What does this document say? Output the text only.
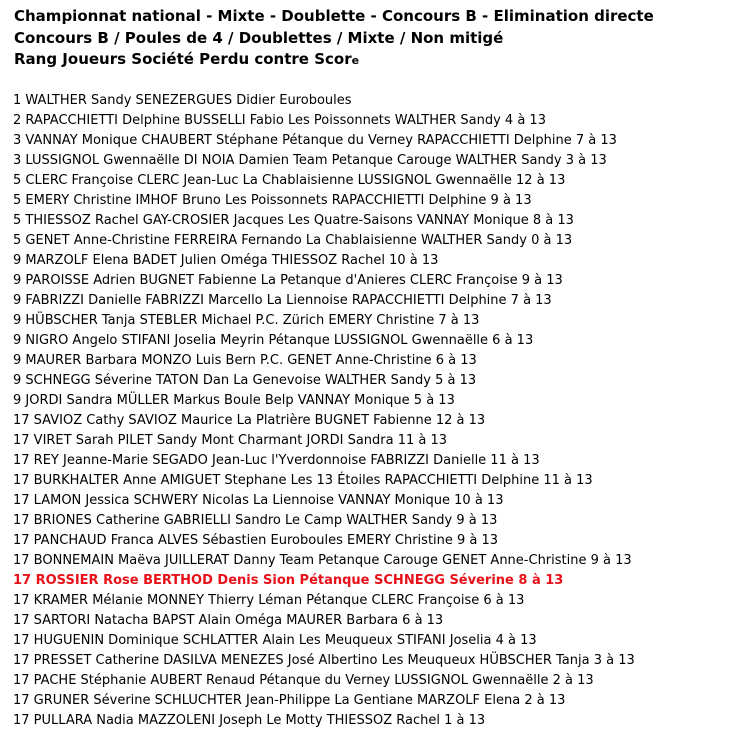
Championnat national - Mixte - Doublette - Concours B - Elimination directe
Concours B / Poules de 4 / Doublettes / Mixte / Non mitigé
Rang Joueurs Société Perdu contre Score
1 WALTHER Sandy SENEZERGUES Didier Euroboules
2 RAPACCHIETTI Delphine BUSSELLI Fabio Les Poissonnets WALTHER Sandy 4 à 13
3 VANNAY Monique CHAUBERT Stéphane Pétanque du Verney RAPACCHIETTI Delphine 7 à 13
3 LUSSIGNOL Gwennaëlle DI NOIA Damien Team Petanque Carouge WALTHER Sandy 3 à 13
5 CLERC Françoise CLERC Jean-Luc La Chablaisienne LUSSIGNOL Gwennaëlle 12 à 13
5 EMERY Christine IMHOF Bruno Les Poissonnets RAPACCHIETTI Delphine 9 à 13
5 THIESSOZ Rachel GAY-CROSIER Jacques Les Quatre-Saisons VANNAY Monique 8 à 13
5 GENET Anne-Christine FERREIRA Fernando La Chablaisienne WALTHER Sandy 0 à 13
9 MARZOLF Elena BADET Julien Oméga THIESSOZ Rachel 10 à 13
9 PAROISSE Adrien BUGNET Fabienne La Petanque d'Anieres CLERC Françoise 9 à 13
9 FABRIZZI Danielle FABRIZZI Marcello La Liennoise RAPACCHIETTI Delphine 7 à 13
9 HÜBSCHER Tanja STEBLER Michael P.C. Zürich EMERY Christine 7 à 13
9 NIGRO Angelo STIFANI Joselia Meyrin Pétanque LUSSIGNOL Gwennaëlle 6 à 13
9 MAURER Barbara MONZO Luis Bern P.C. GENET Anne-Christine 6 à 13
9 SCHNEGG Séverine TATON Dan La Genevoise WALTHER Sandy 5 à 13
9 JORDI Sandra MÜLLER Markus Boule Belp VANNAY Monique 5 à 13
17 SAVIOZ Cathy SAVIOZ Maurice La Platrière BUGNET Fabienne 12 à 13
17 VIRET Sarah PILET Sandy Mont Charmant JORDI Sandra 11 à 13
17 REY Jeanne-Marie SEGADO Jean-Luc l'Yverdonnoise FABRIZZI Danielle 11 à 13
17 BURKHALTER Anne AMIGUET Stephane Les 13 Étoiles RAPACCHIETTI Delphine 11 à 13
17 LAMON Jessica SCHWERY Nicolas La Liennoise VANNAY Monique 10 à 13
17 BRIONES Catherine GABRIELLI Sandro Le Camp WALTHER Sandy 9 à 13
17 PANCHAUD Franca ALVES Sébastien Euroboules EMERY Christine 9 à 13
17 BONNEMAIN Maëva JUILLERAT Danny Team Petanque Carouge GENET Anne-Christine 9 à 13
17 ROSSIER Rose BERTHOD Denis Sion Pétanque SCHNEGG Séverine 8 à 13
17 KRAMER Mélanie MONNEY Thierry Léman Pétanque CLERC Françoise 6 à 13
17 SARTORI Natacha BAPST Alain Oméga MAURER Barbara 6 à 13
17 HUGUENIN Dominique SCHLATTER Alain Les Meuqueux STIFANI Joselia 4 à 13
17 PRESSET Catherine DASILVA MENEZES José Albertino Les Meuqueux HÜBSCHER Tanja 3 à 13
17 PACHE Stéphanie AUBERT Renaud Pétanque du Verney LUSSIGNOL Gwennaëlle 2 à 13
17 GRUNER Séverine SCHLUCHTER Jean-Philippe La Gentiane MARZOLF Elena 2 à 13
17 PULLARA Nadia MAZZOLENI Joseph Le Motty THIESSOZ Rachel 1 à 13
